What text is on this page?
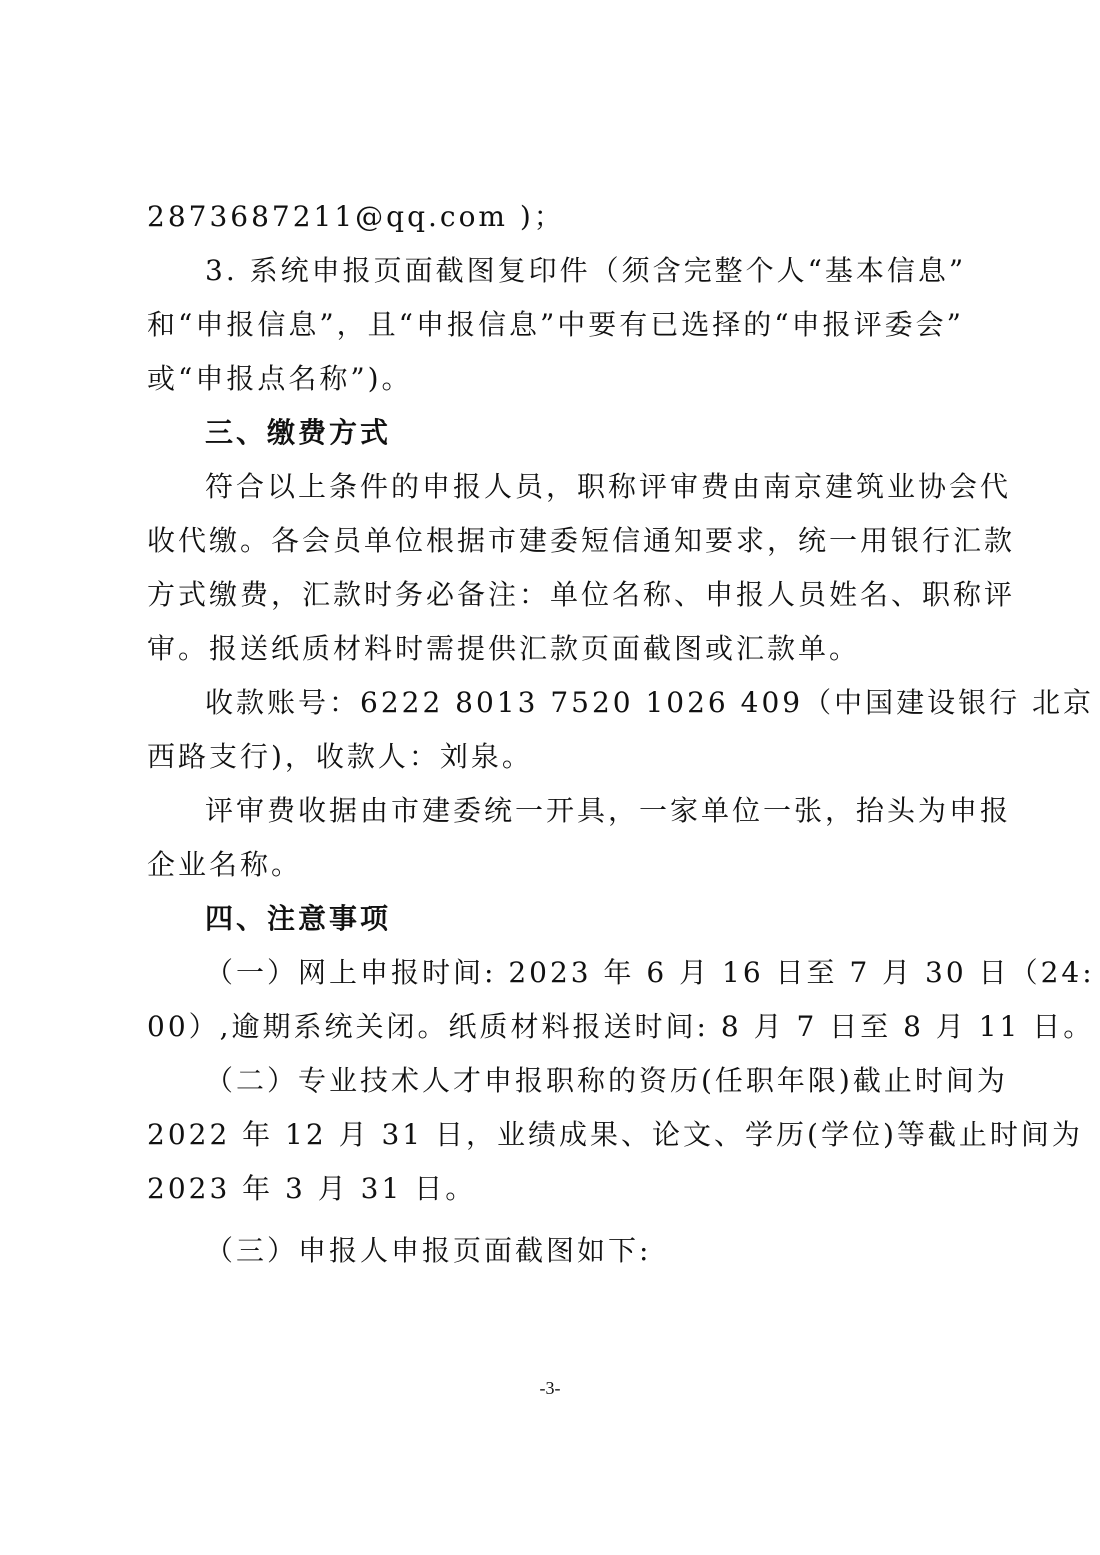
2873687211@qq.com )；
3. 系统申报页面截图复印件（须含完整个人“基本信息”
和“申报信息”，且“申报信息”中要有已选择的“申报评委会”
或“申报点名称”)。
三、缴费方式
符合以上条件的申报人员，职称评审费由南京建筑业协会代
收代缴。各会员单位根据市建委短信通知要求，统一用银行汇款
方式缴费，汇款时务必备注：单位名称、申报人员姓名、职称评
审。报送纸质材料时需提供汇款页面截图或汇款单。
收款账号：6222 8013 7520 1026 409（中国建设银行 北京
西路支行)，收款人：刘泉。
评审费收据由市建委统一开具，一家单位一张，抬头为申报
企业名称。
四、注意事项
（一）网上申报时间: 2023 年 6 月 16 日至 7 月 30 日（24:
00）,逾期系统关闭。纸质材料报送时间: 8 月 7 日至 8 月 11 日。
（二）专业技术人才申报职称的资历(任职年限)截止时间为
2022 年 12 月 31 日，业绩成果、论文、学历(学位)等截止时间为
2023 年 3 月 31 日。
（三）申报人申报页面截图如下:
-3-
